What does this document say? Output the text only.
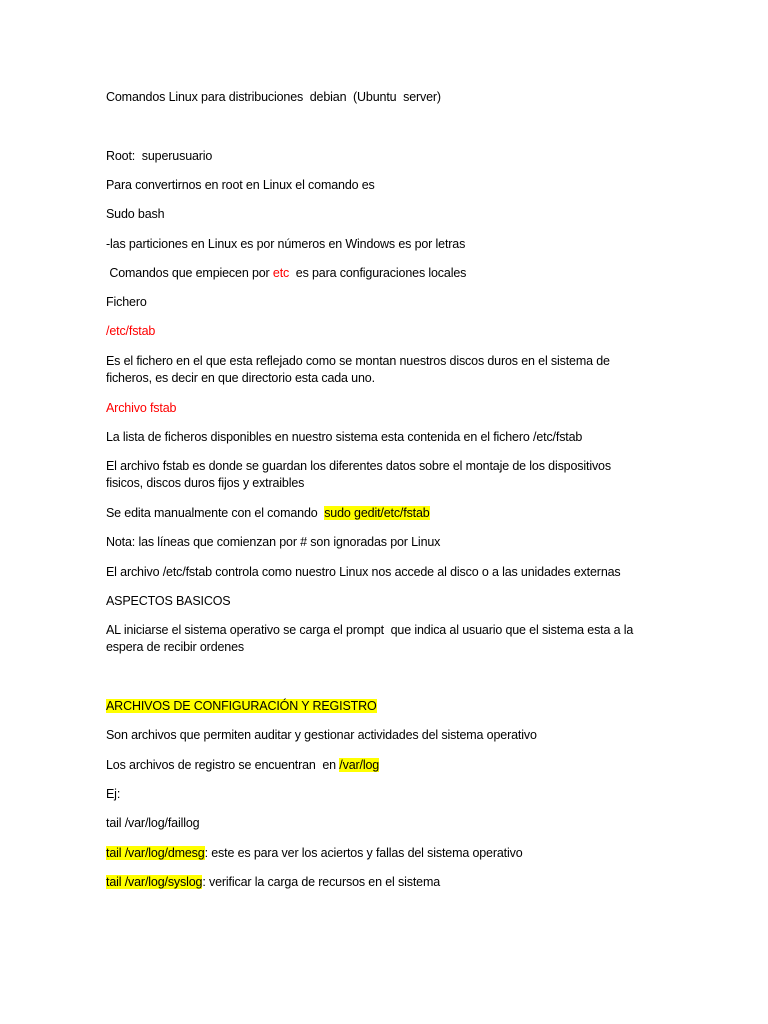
Comandos Linux para distribuciones  debian  (Ubuntu  server)
Root:  superusuario
Para convertirnos en root en Linux el comando es
Sudo bash
-las particiones en Linux es por números en Windows es por letras
Comandos que empiecen por etc  es para configuraciones locales
Fichero
/etc/fstab
Es el fichero en el que esta reflejado como se montan nuestros discos duros en el sistema de
ficheros, es decir en que directorio esta cada uno.
Archivo fstab
La lista de ficheros disponibles en nuestro sistema esta contenida en el fichero /etc/fstab
El archivo fstab es donde se guardan los diferentes datos sobre el montaje de los dispositivos
fisicos, discos duros fijos y extraibles
Se edita manualmente con el comando  sudo gedit/etc/fstab
Nota: las líneas que comienzan por # son ignoradas por Linux
El archivo /etc/fstab controla como nuestro Linux nos accede al disco o a las unidades externas
ASPECTOS BASICOS
AL iniciarse el sistema operativo se carga el prompt  que indica al usuario que el sistema esta a la
espera de recibir ordenes
ARCHIVOS DE CONFIGURACIÓN Y REGISTRO
Son archivos que permiten auditar y gestionar actividades del sistema operativo
Los archivos de registro se encuentran  en /var/log
Ej:
tail /var/log/faillog
tail /var/log/dmesg: este es para ver los aciertos y fallas del sistema operativo
tail /var/log/syslog: verificar la carga de recursos en el sistema
